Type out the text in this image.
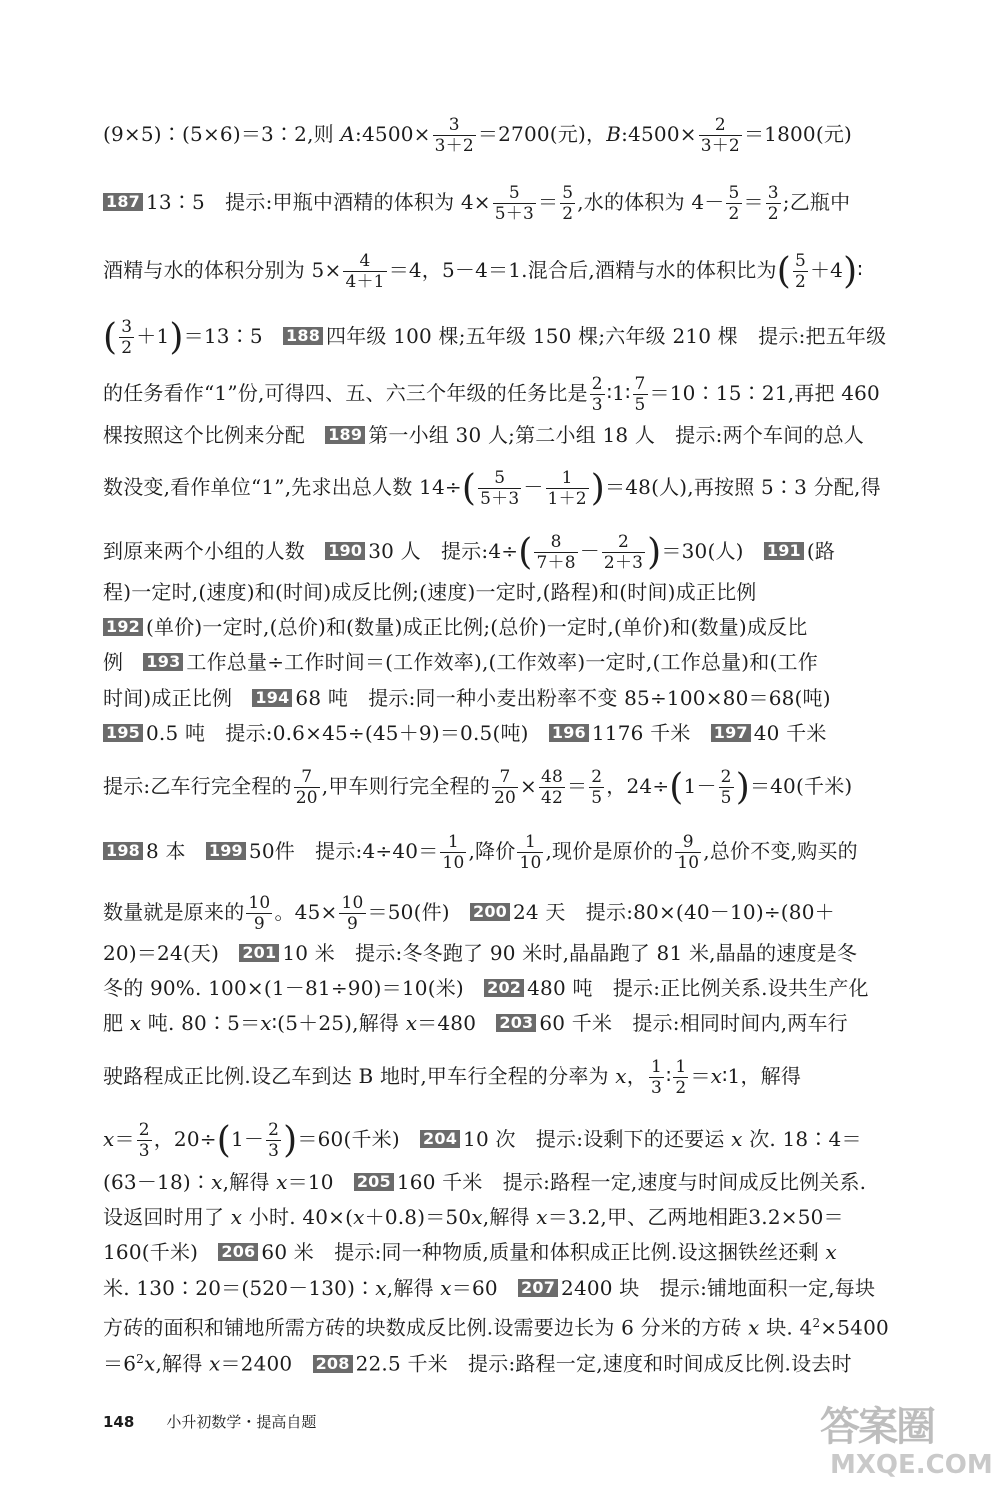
(9×5)∶(5×6)＝3∶2,则 A:4500× $\frac{3}{3+2} =2700$(元)，B:4500× $\frac{2}{3+2} =1800$(元)
187 13∶5　提示:甲瓶中酒精的体积为 $4\times \frac{5}{5+3} = \frac{5}{2}$ ,水的体积为 $4- \frac{5}{2} = \frac{3}{2}$ ;乙瓶中
酒精与水的体积分别为 $5\times \frac{4}{4+1} =4$，5－4＝1.混合后,酒精与水的体积比为( $\frac{5}{2}$ ＋4)∶
( $\frac{3}{2}$ ＋1)＝13∶5　188 四年级 100 棵;五年级 150 棵;六年级 210 棵　提示:把五年级
的任务看作“1”份,可得四、五、六三个年级的任务比是 $\frac{2}{3}$ ∶1∶ $\frac{7}{5}$ ＝10∶15∶21,再把 460
棵按照这个比例来分配　189 第一小组 30 人;第二小组 18 人　提示:两个车间的总人
数没变,看作单位“1”,先求出总人数 $14\div( \frac{5}{5+3} - \frac{1}{1+2} )=48$(人),再按照 5∶3 分配,得
到原来两个小组的人数　190 30 人　提示:4÷( $\frac{8}{7+8} - \frac{2}{2+3} )=30$(人)　191 (路
程)一定时,(速度)和(时间)成反比例;(速度)一定时,(路程)和(时间)成正比例
192 (单价)一定时,(总价)和(数量)成正比例;(总价)一定时,(单价)和(数量)成反比
例　193 工作总量÷工作时间＝(工作效率),(工作效率)一定时,(工作总量)和(工作
时间)成正比例　194 68 吨　提示:同一种小麦出粉率不变 85÷100×80＝68(吨)
195 0.5 吨　提示:0.6×45÷(45＋9)＝0.5(吨)　196 1176 千米　197 40 千米
提示:乙车行完全程的 $\frac{7}{20}$ ,甲车则行完全程的 $\frac{7}{20} \times \frac{48}{42} = \frac{2}{5}$ ，$24\div(1- \frac{2}{5} )=40$(千米)
198 8 本　199 50件　提示:4÷40＝ $\frac{1}{10}$ ,降价 $\frac{1}{10}$ ,现价是原价的 $\frac{9}{10}$ ,总价不变,购买的
数量就是原来的 $\frac{10}{9}$ 。$45\times \frac{10}{9} =50$(件)　200 24 天　提示:80×(40－10)÷(80＋
20)＝24(天)　201 10 米　提示:冬冬跑了 90 米时,晶晶跑了 81 米,晶晶的速度是冬
冬的 90%. 100×(1－81÷90)＝10(米)　202 480 吨　提示:正比例关系.设共生产化
肥 x 吨. 80∶5＝x∶(5＋25),解得 x＝480　203 60 千米　提示:相同时间内,两车行
驶路程成正比例.设乙车到达 B 地时,甲车行全程的分率为 x， $\frac{1}{3}$ ∶ $\frac{1}{2}$ ＝x∶1，解得
$x= \frac{2}{3}$ ，$20\div(1- \frac{2}{3} )=60$(千米)　204 10 次　提示:设剩下的还要运 x 次. 18∶4＝
(63－18)∶x,解得 x＝10　205 160 千米　提示:路程一定,速度与时间成反比例关系.
设返回时用了 x 小时. 40×(x＋0.8)＝50x,解得 x＝3.2,甲、乙两地相距3.2×50＝
160(千米)　206 60 米　提示:同一种物质,质量和体积成正比例.设这捆铁丝还剩 x
米. 130∶20＝(520－130)∶x,解得 x＝60　207 2400 块　提示:铺地面积一定,每块
方砖的面积和铺地所需方砖的块数成反比例.设需要边长为 6 分米的方砖 x 块. $4^2\times 5400$
$=6^2x$,解得 x＝2400　208 22.5 千米　提示:路程一定,速度和时间成反比例.设去时
148 小升初数学・提高自题	答案圈
MXQE.COM
